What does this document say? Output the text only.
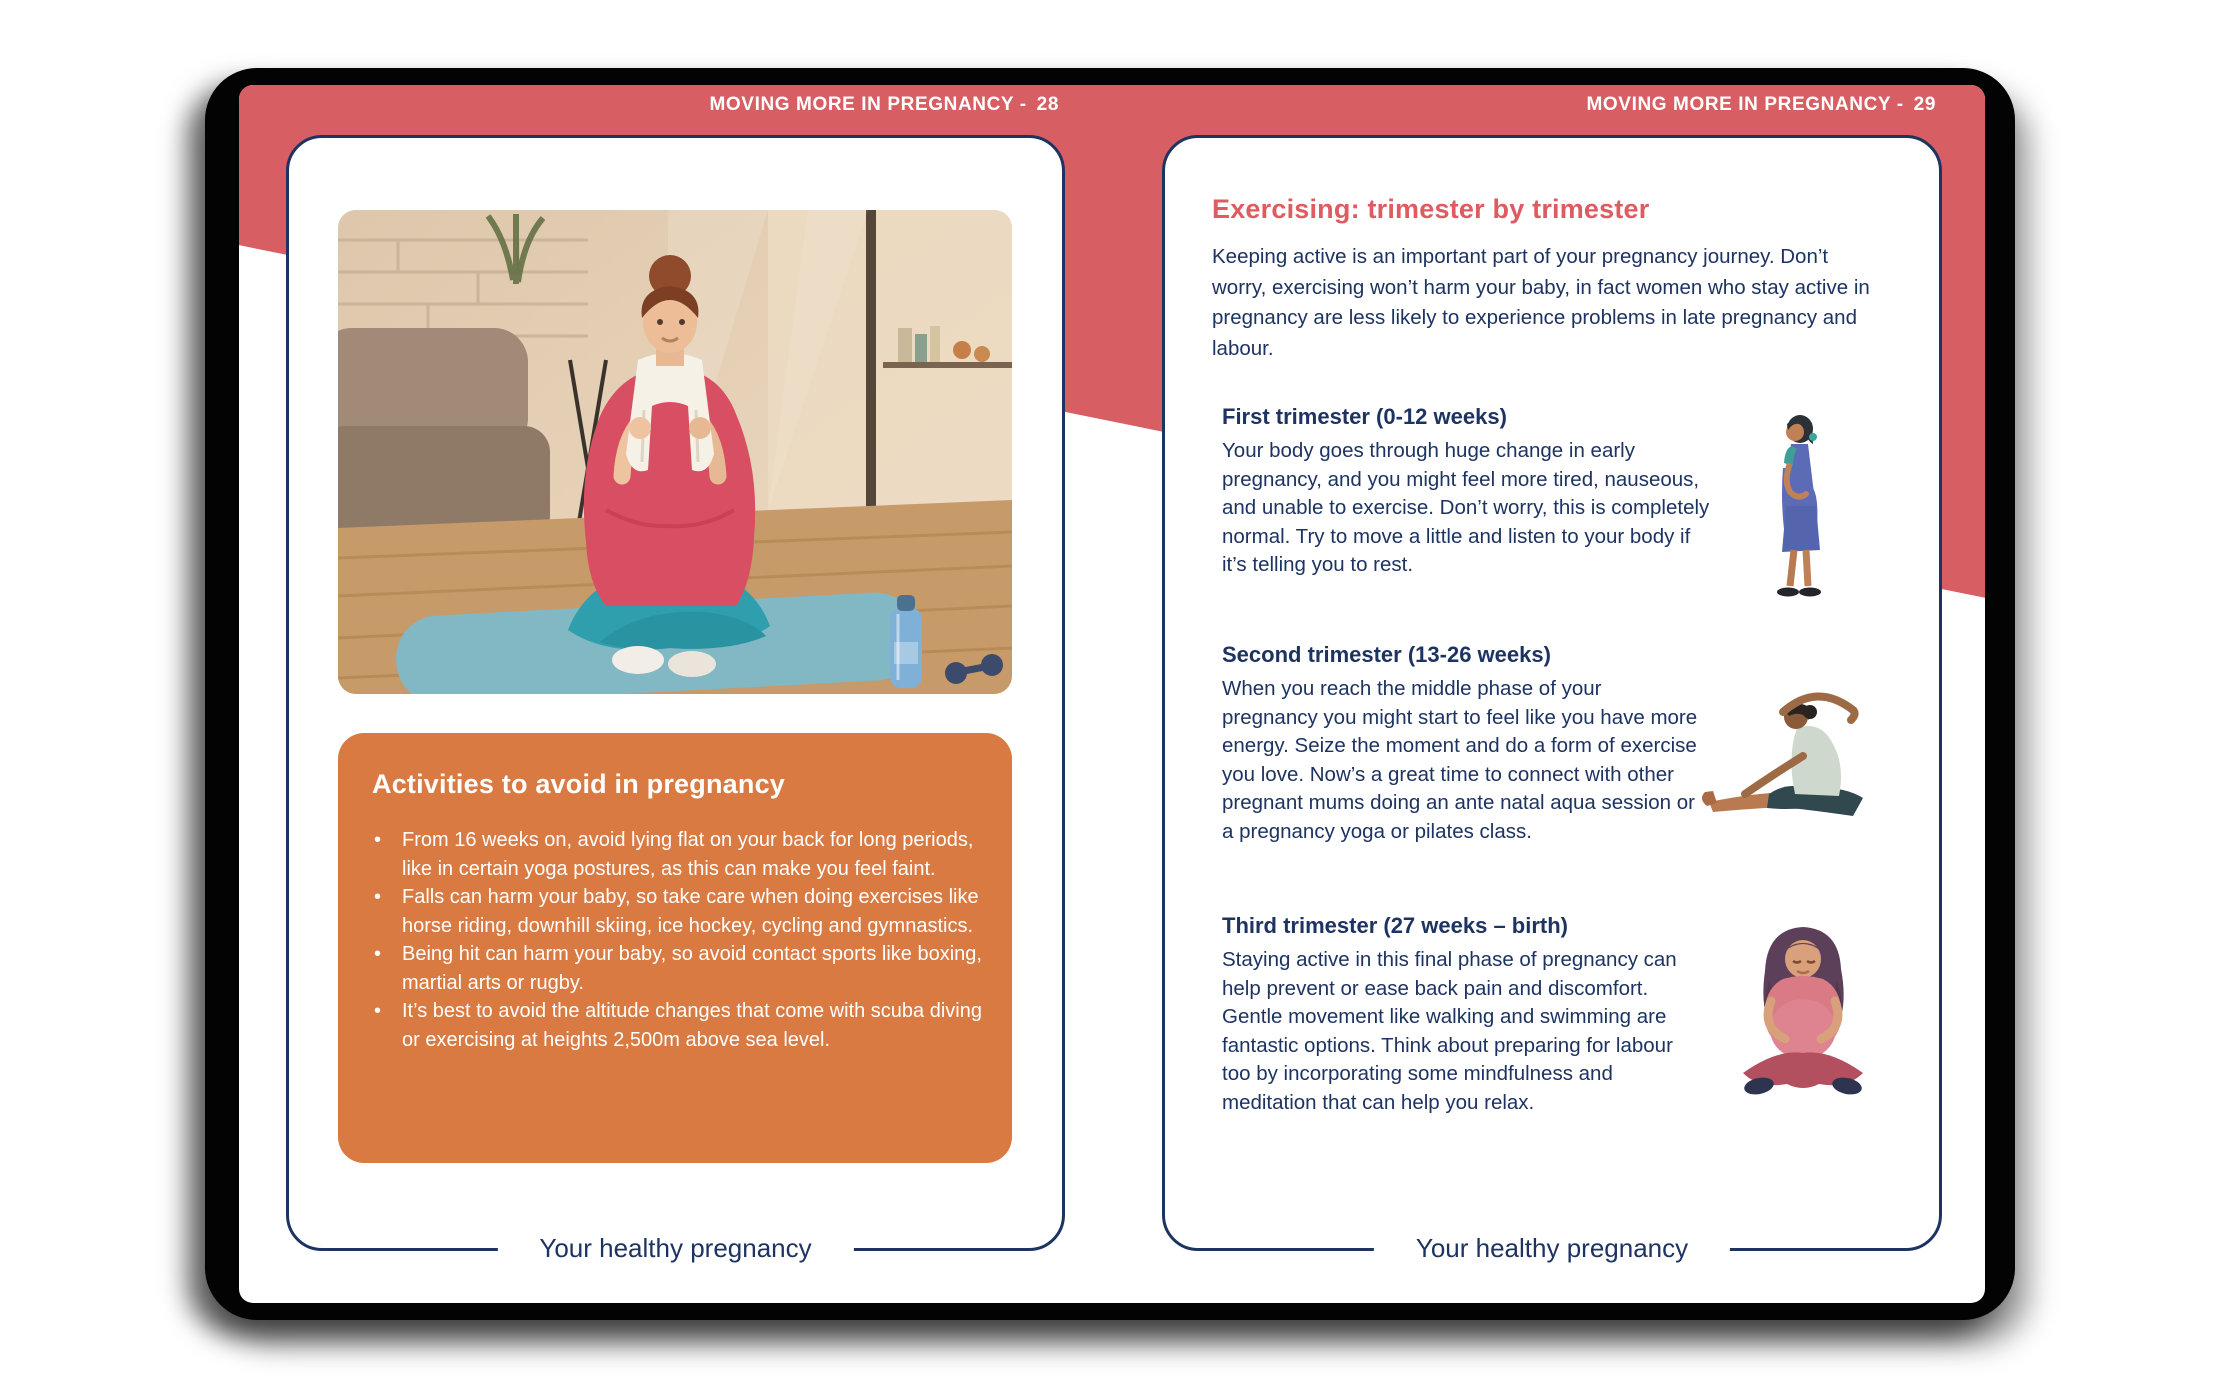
MOVING MORE IN PREGNANCY - 28	MOVING MORE IN PREGNANCY - 29
Activities to avoid in pregnancy
• From 16 weeks on, avoid lying flat on your back for long periods, like in certain yoga postures, as this can make you feel faint.
• Falls can harm your baby, so take care when doing exercises like horse riding, downhill skiing, ice hockey, cycling and gymnastics.
• Being hit can harm your baby, so avoid contact sports like boxing, martial arts or rugby.
• It’s best to avoid the altitude changes that come with scuba diving or exercising at heights 2,500m above sea level.
Your healthy pregnancy
Exercising: trimester by trimester
Keeping active is an important part of your pregnancy journey. Don’t worry, exercising won’t harm your baby, in fact women who stay active in pregnancy are less likely to experience problems in late pregnancy and labour.

First trimester (0-12 weeks)

Your body goes through huge change in early pregnancy, and you might feel more tired, nauseous, and unable to exercise. Don’t worry, this is completely normal. Try to move a little and listen to your body if it’s telling you to rest.

Second trimester (13-26 weeks)

When you reach the middle phase of your pregnancy you might start to feel like you have more energy. Seize the moment and do a form of exercise you love. Now’s a great time to connect with other pregnant mums doing an ante natal aqua session or a pregnancy yoga or pilates class.

Third trimester (27 weeks – birth)

Staying active in this final phase of pregnancy can help prevent or ease back pain and discomfort. Gentle movement like walking and swimming are fantastic options. Think about preparing for labour too by incorporating some mindfulness and meditation that can help you relax.

Your healthy pregnancy
